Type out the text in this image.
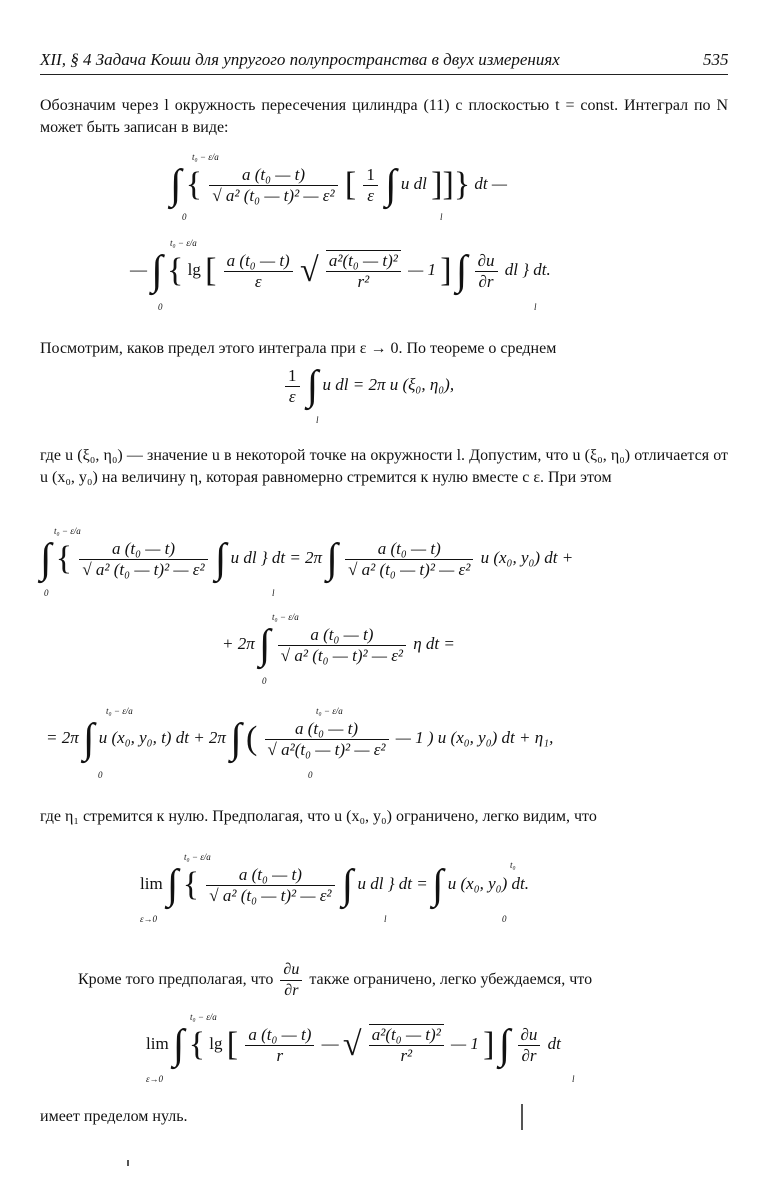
XII, § 4 Задача Коши для упругого полупространства в двух измерениях	535
Обозначим через l окружность пересечения цилиндра (11) с плоскостью t = const. Интеграл по N может быть записан в виде:
t₀ − ε/a
0
∫ { $\frac{\text{a (t₀ — t)}}{\text{√ a² (t₀ — t)² — ε²}}$ [ $\frac{1}{\varepsilon}$ ∫ u dl ]]} dt —
l
t₀ − ε/a
0
— ∫ { lg [ $\frac{\text{a (t₀ — t)}}{\varepsilon}$ √ $\frac{\text{a²(t₀ — t)²}}{\text{r²}}$ — 1 ] ∫ $\frac{\partial u}{\partial r}$ dl } dt.
l
Посмотрим, каков предел этого интеграла при ε → 0. По теореме о среднем
$\frac{1}{\varepsilon}$ ∫ u dl = 2π u (ξ₀, η₀),
l
где u (ξ₀, η₀) — значение u в некоторой точке на окружности l. Допустим, что u (ξ₀, η₀) отличается от u (x₀, y₀) на величину η, которая равномерно стремится к нулю вместе с ε. При этом
t₀ − ε/a
0
∫ { $\frac{\text{a (t₀ — t)}}{\text{√ a² (t₀ — t)² — ε²}}$ ∫ u dl } dt = 2π ∫ $\frac{\text{a (t₀ — t)}}{\text{√ a² (t₀ — t)² — ε²}}$ u (x₀, y₀) dt +
l
t₀ − ε/a
0
+ 2π ∫ $\frac{\text{a (t₀ — t)}}{\text{√ a² (t₀ — t)² — ε²}}$ η dt =
t₀ − ε/a
0
t₀ − ε/a
0
= 2π ∫ u (x₀, y₀, t) dt + 2π ∫ ( $\frac{\text{a (t₀ — t)}}{\text{√ a²(t₀ — t)² — ε²}}$ — 1 ) u (x₀, y₀) dt + η₁,
где η₁ стремится к нулю. Предполагая, что u (x₀, y₀) ограничено, легко видим, что
t₀ − ε/a
t₀
ε→0	0
lim ∫ { $\frac{\text{a (t₀ — t)}}{\text{√ a² (t₀ — t)² — ε²}}$ ∫ u dl } dt = ∫ u (x₀, y₀) dt.
l
Кроме того предполагая, что $\frac{\partial u}{\partial r}$ также ограничено, легко убеждаемся, что
t₀ − ε/a
ε→0
lim ∫ { lg [ $\frac{\text{a (t₀ — t)}}{r}$ — √ $\frac{\text{a²(t₀ — t)²}}{\text{r²}}$ — 1 ] ∫ $\frac{\partial u}{\partial r}$ dt
l
имеет пределом нуль.
